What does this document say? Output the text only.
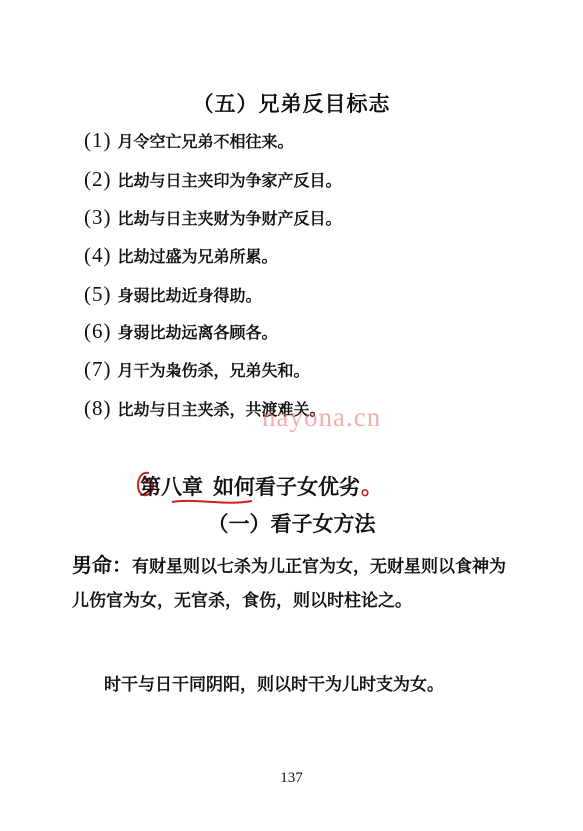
（五）兄弟反目标志
(1) 月令空亡兄弟不相往来。
(2) 比劫与日主夹印为争家产反目。
(3) 比劫与日主夹财为争财产反目。
(4) 比劫过盛为兄弟所累。
(5) 身弱比劫近身得助。
(6) 身弱比劫远离各顾各。
(7) 月干为枭伤杀，兄弟失和。
(8) 比劫与日主夹杀，共渡难关。
nayona.cn
第八章 如何看子女优劣 。
（一）看子女方法
男命：有财星则以七杀为儿正官为女，无财星则以食神为儿伤官为女，无官杀，食伤，则以时柱论之。
时干与日干同阴阳，则以时干为儿时支为女。
137
